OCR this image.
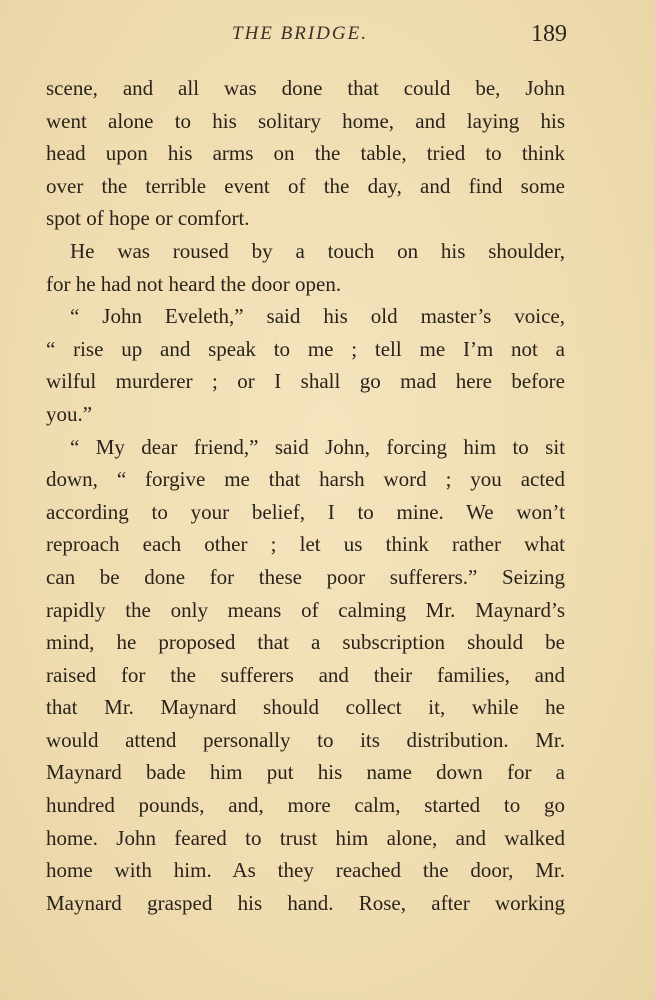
THE BRIDGE.	189
scene, and all was done that could be, John
went alone to his solitary home, and laying his
head upon his arms on the table, tried to think
over the terrible event of the day, and find some
spot of hope or comfort.
He was roused by a touch on his shoulder,
for he had not heard the door open.
“ John Eveleth,” said his old master’s voice,
“ rise up and speak to me ; tell me I’m not a
wilful murderer ; or I shall go mad here before
you.”
“ My dear friend,” said John, forcing him to sit
down, “ forgive me that harsh word ; you acted
according to your belief, I to mine. We won’t
reproach each other ; let us think rather what
can be done for these poor sufferers.” Seizing
rapidly the only means of calming Mr. Maynard’s
mind, he proposed that a subscription should be
raised for the sufferers and their families, and
that Mr. Maynard should collect it, while he
would attend personally to its distribution. Mr.
Maynard bade him put his name down for a
hundred pounds, and, more calm, started to go
home. John feared to trust him alone, and walked
home with him. As they reached the door, Mr.
Maynard grasped his hand. Rose, after working
